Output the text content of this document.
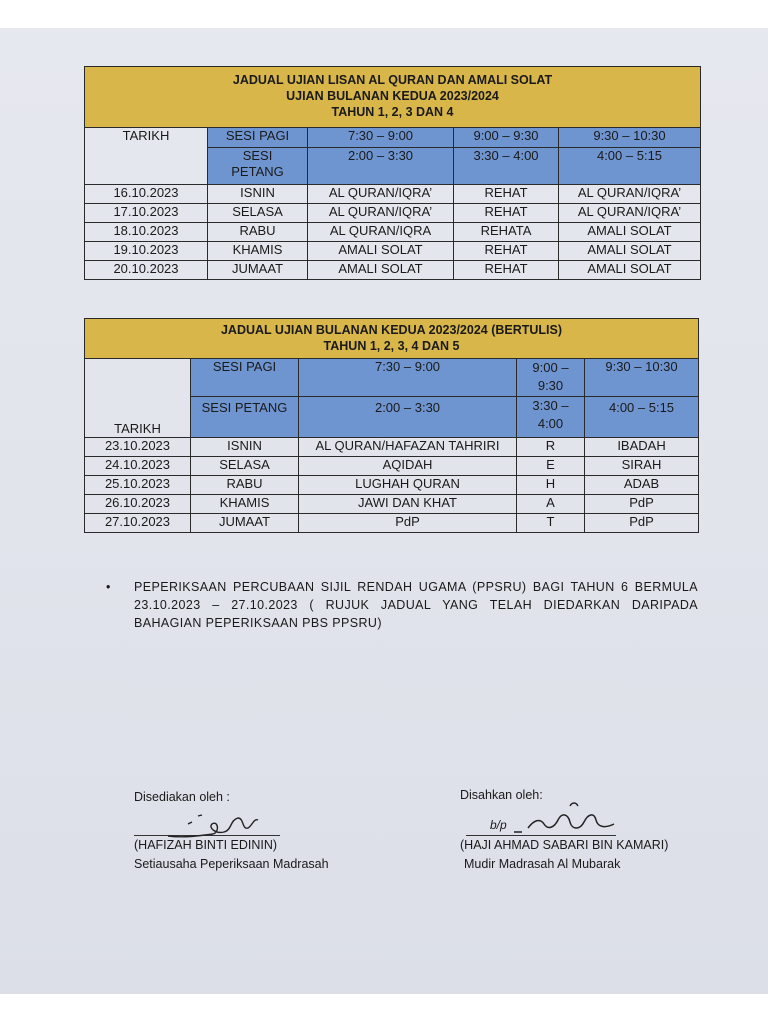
JADUAL UJIAN LISAN AL QURAN DAN AMALI SOLAT
UJIAN BULANAN KEDUA 2023/2024
TAHUN 1, 2, 3 DAN 4				

TARIKH	SESI PAGI	7:30 – 9:00	9:00 – 9:30	9:30 – 10:30
	SESI PETANG	2:00 – 3:30	3:30 – 4:00	4:00 – 5:15
16.10.2023	ISNIN	AL QURAN/IQRA’	REHAT	AL QURAN/IQRA’
17.10.2023	SELASA	AL QURAN/IQRA’	REHAT	AL QURAN/IQRA’
18.10.2023	RABU	AL QURAN/IQRA	REHATA	AMALI SOLAT
19.10.2023	KHAMIS	AMALI SOLAT	REHAT	AMALI SOLAT
20.10.2023	JUMAAT	AMALI SOLAT	REHAT	AMALI SOLAT
JADUAL UJIAN BULANAN KEDUA 2023/2024 (BERTULIS)
TAHUN 1, 2, 3, 4 DAN 5				

TARIKH	SESI PAGI	7:30 – 9:00	9:00 – 9:30	9:30 – 10:30
	SESI PETANG	2:00 – 3:30	3:30 – 4:00	4:00 – 5:15
23.10.2023	ISNIN	AL QURAN/HAFAZAN TAHRIRI	R	IBADAH
24.10.2023	SELASA	AQIDAH	E	SIRAH
25.10.2023	RABU	LUGHAH QURAN	H	ADAB
26.10.2023	KHAMIS	JAWI DAN KHAT	A	PdP
27.10.2023	JUMAAT	PdP	T	PdP
• PEPERIKSAAN PERCUBAAN SIJIL RENDAH UGAMA (PPSRU) BAGI TAHUN 6 BERMULA 23.10.2023 – 27.10.2023 ( RUJUK JADUAL YANG TELAH DIEDARKAN DARIPADA BAHAGIAN PEPERIKSAAN PBS PPSRU)
Disediakan oleh :
(HAFIZAH BINTI EDININ)
Setiausaha Peperiksaan Madrasah
Disahkan oleh:
b/p
(HAJI AHMAD SABARI BIN KAMARI)
Mudir Madrasah Al Mubarak
